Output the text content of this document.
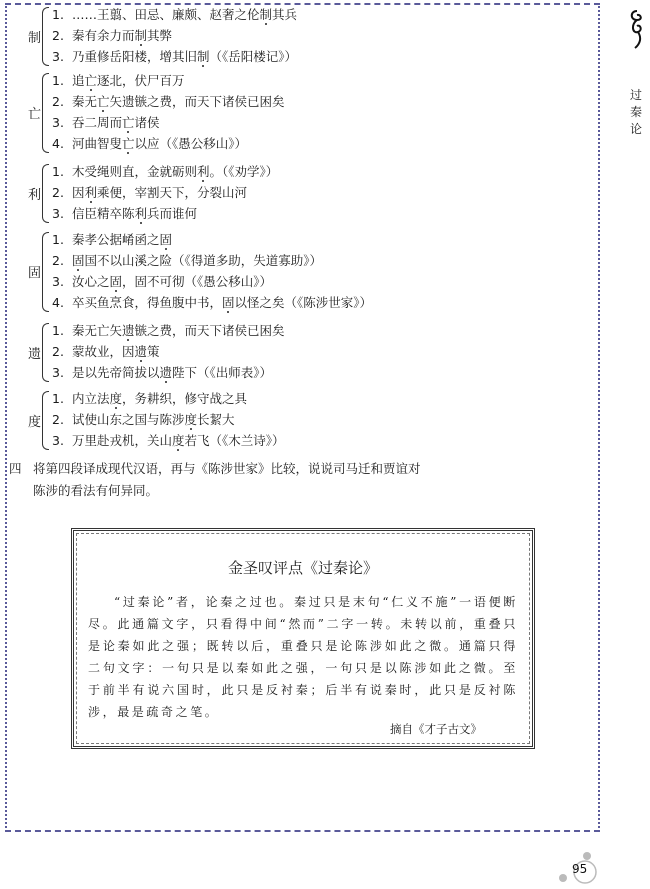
制
1. ……王翦、田忌、廉颇、赵奢之伦制其兵
2. 秦有余力而制其弊
3. 乃重修岳阳楼，增其旧制（《岳阳楼记》）
亡
1. 追亡逐北，伏尸百万
2. 秦无亡矢遗镞之费，而天下诸侯已困矣
3. 吞二周而亡诸侯
4. 河曲智叟亡以应（《愚公移山》）
利
1. 木受绳则直，金就砺则利。（《劝学》）
2. 因利乘便，宰割天下，分裂山河
3. 信臣精卒陈利兵而谁何
固
1. 秦孝公据崤函之固
2. 固国不以山溪之险（《得道多助，失道寡助》）
3. 汝心之固，固不可彻（《愚公移山》）
4. 卒买鱼烹食，得鱼腹中书，固以怪之矣（《陈涉世家》）
遗
1. 秦无亡矢遗镞之费，而天下诸侯已困矣
2. 蒙故业，因遗策
3. 是以先帝简拔以遗陛下（《出师表》）
度
1. 内立法度，务耕织，修守战之具
2. 试使山东之国与陈涉度长絜大
3. 万里赴戎机，关山度若飞（《木兰诗》）
四 将第四段译成现代汉语，再与《陈涉世家》比较，说说司马迁和贾谊对
陈涉的看法有何异同。
金圣叹评点《过秦论》
“过秦论”者，论秦之过也。秦过只是末句“仁义不施”一语便断尽。此通篇文字，只看得中间“然而”二字一转。未转以前，重叠只是论秦如此之强；既转以后，重叠只是论陈涉如此之微。通篇只得二句文字：一句只是以秦如此之强，一句只是以陈涉如此之微。至于前半有说六国时，此只是反衬秦；后半有说秦时，此只是反衬陈涉，最是疏奇之笔。
摘自《才子古文》
过
秦
论
95
